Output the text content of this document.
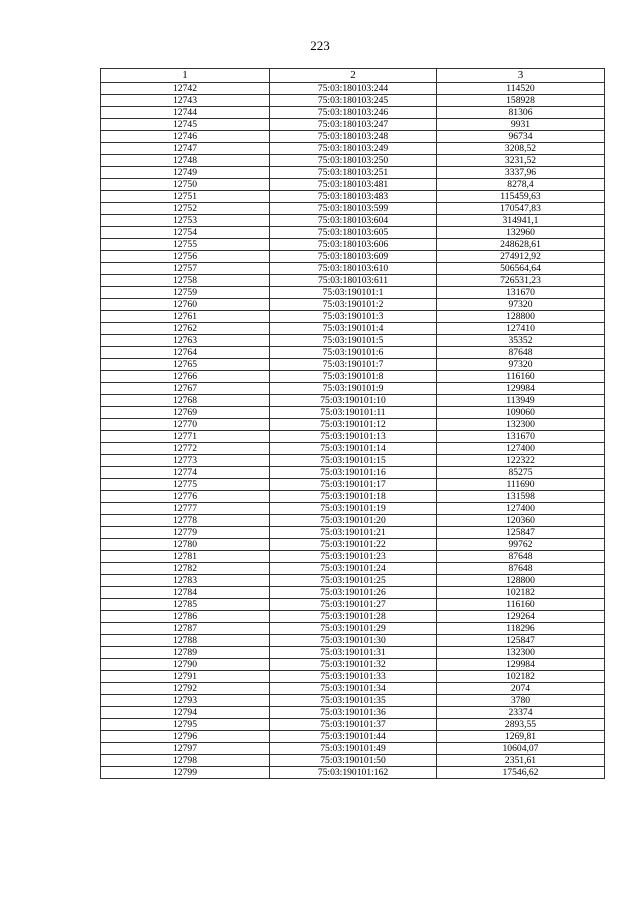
223
1	2	3
12742	75:03:180103:244	114520
12743	75:03:180103:245	158928
12744	75:03:180103:246	81306
12745	75:03:180103:247	9931
12746	75:03:180103:248	96734
12747	75:03:180103:249	3208,52
12748	75:03:180103:250	3231,52
12749	75:03:180103:251	3337,96
12750	75:03:180103:481	8278,4
12751	75:03:180103:483	115459,63
12752	75:03:180103:599	170547,83
12753	75:03:180103:604	314941,1
12754	75:03:180103:605	132960
12755	75:03:180103:606	248628,61
12756	75:03:180103:609	274912,92
12757	75:03:180103:610	506564,64
12758	75:03:180103:611	726531,23
12759	75:03:190101:1	131670
12760	75:03:190101:2	97320
12761	75:03:190101:3	128800
12762	75:03:190101:4	127410
12763	75:03:190101:5	35352
12764	75:03:190101:6	87648
12765	75:03:190101:7	97320
12766	75:03:190101:8	116160
12767	75:03:190101:9	129984
12768	75:03:190101:10	113949
12769	75:03:190101:11	109060
12770	75:03:190101:12	132300
12771	75:03:190101:13	131670
12772	75:03:190101:14	127400
12773	75:03:190101:15	122322
12774	75:03:190101:16	85275
12775	75:03:190101:17	111690
12776	75:03:190101:18	131598
12777	75:03:190101:19	127400
12778	75:03:190101:20	120360
12779	75:03:190101:21	125847
12780	75:03:190101:22	99762
12781	75:03:190101:23	87648
12782	75:03:190101:24	87648
12783	75:03:190101:25	128800
12784	75:03:190101:26	102182
12785	75:03:190101:27	116160
12786	75:03:190101:28	129264
12787	75:03:190101:29	118296
12788	75:03:190101:30	125847
12789	75:03:190101:31	132300
12790	75:03:190101:32	129984
12791	75:03:190101:33	102182
12792	75:03:190101:34	2074
12793	75:03:190101:35	3780
12794	75:03:190101:36	23374
12795	75:03:190101:37	2893,55
12796	75:03:190101:44	1269,81
12797	75:03:190101:49	10604,07
12798	75:03:190101:50	2351,61
12799	75:03:190101:162	17546,62
